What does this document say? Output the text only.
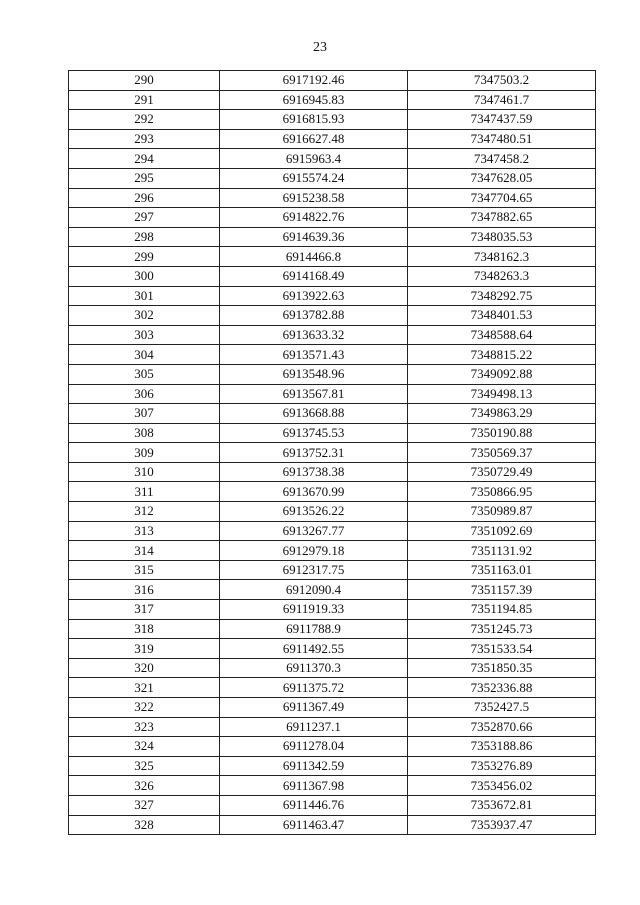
23
290	6917192.46	7347503.2
291	6916945.83	7347461.7
292	6916815.93	7347437.59
293	6916627.48	7347480.51
294	6915963.4	7347458.2
295	6915574.24	7347628.05
296	6915238.58	7347704.65
297	6914822.76	7347882.65
298	6914639.36	7348035.53
299	6914466.8	7348162.3
300	6914168.49	7348263.3
301	6913922.63	7348292.75
302	6913782.88	7348401.53
303	6913633.32	7348588.64
304	6913571.43	7348815.22
305	6913548.96	7349092.88
306	6913567.81	7349498.13
307	6913668.88	7349863.29
308	6913745.53	7350190.88
309	6913752.31	7350569.37
310	6913738.38	7350729.49
311	6913670.99	7350866.95
312	6913526.22	7350989.87
313	6913267.77	7351092.69
314	6912979.18	7351131.92
315	6912317.75	7351163.01
316	6912090.4	7351157.39
317	6911919.33	7351194.85
318	6911788.9	7351245.73
319	6911492.55	7351533.54
320	6911370.3	7351850.35
321	6911375.72	7352336.88
322	6911367.49	7352427.5
323	6911237.1	7352870.66
324	6911278.04	7353188.86
325	6911342.59	7353276.89
326	6911367.98	7353456.02
327	6911446.76	7353672.81
328	6911463.47	7353937.47
